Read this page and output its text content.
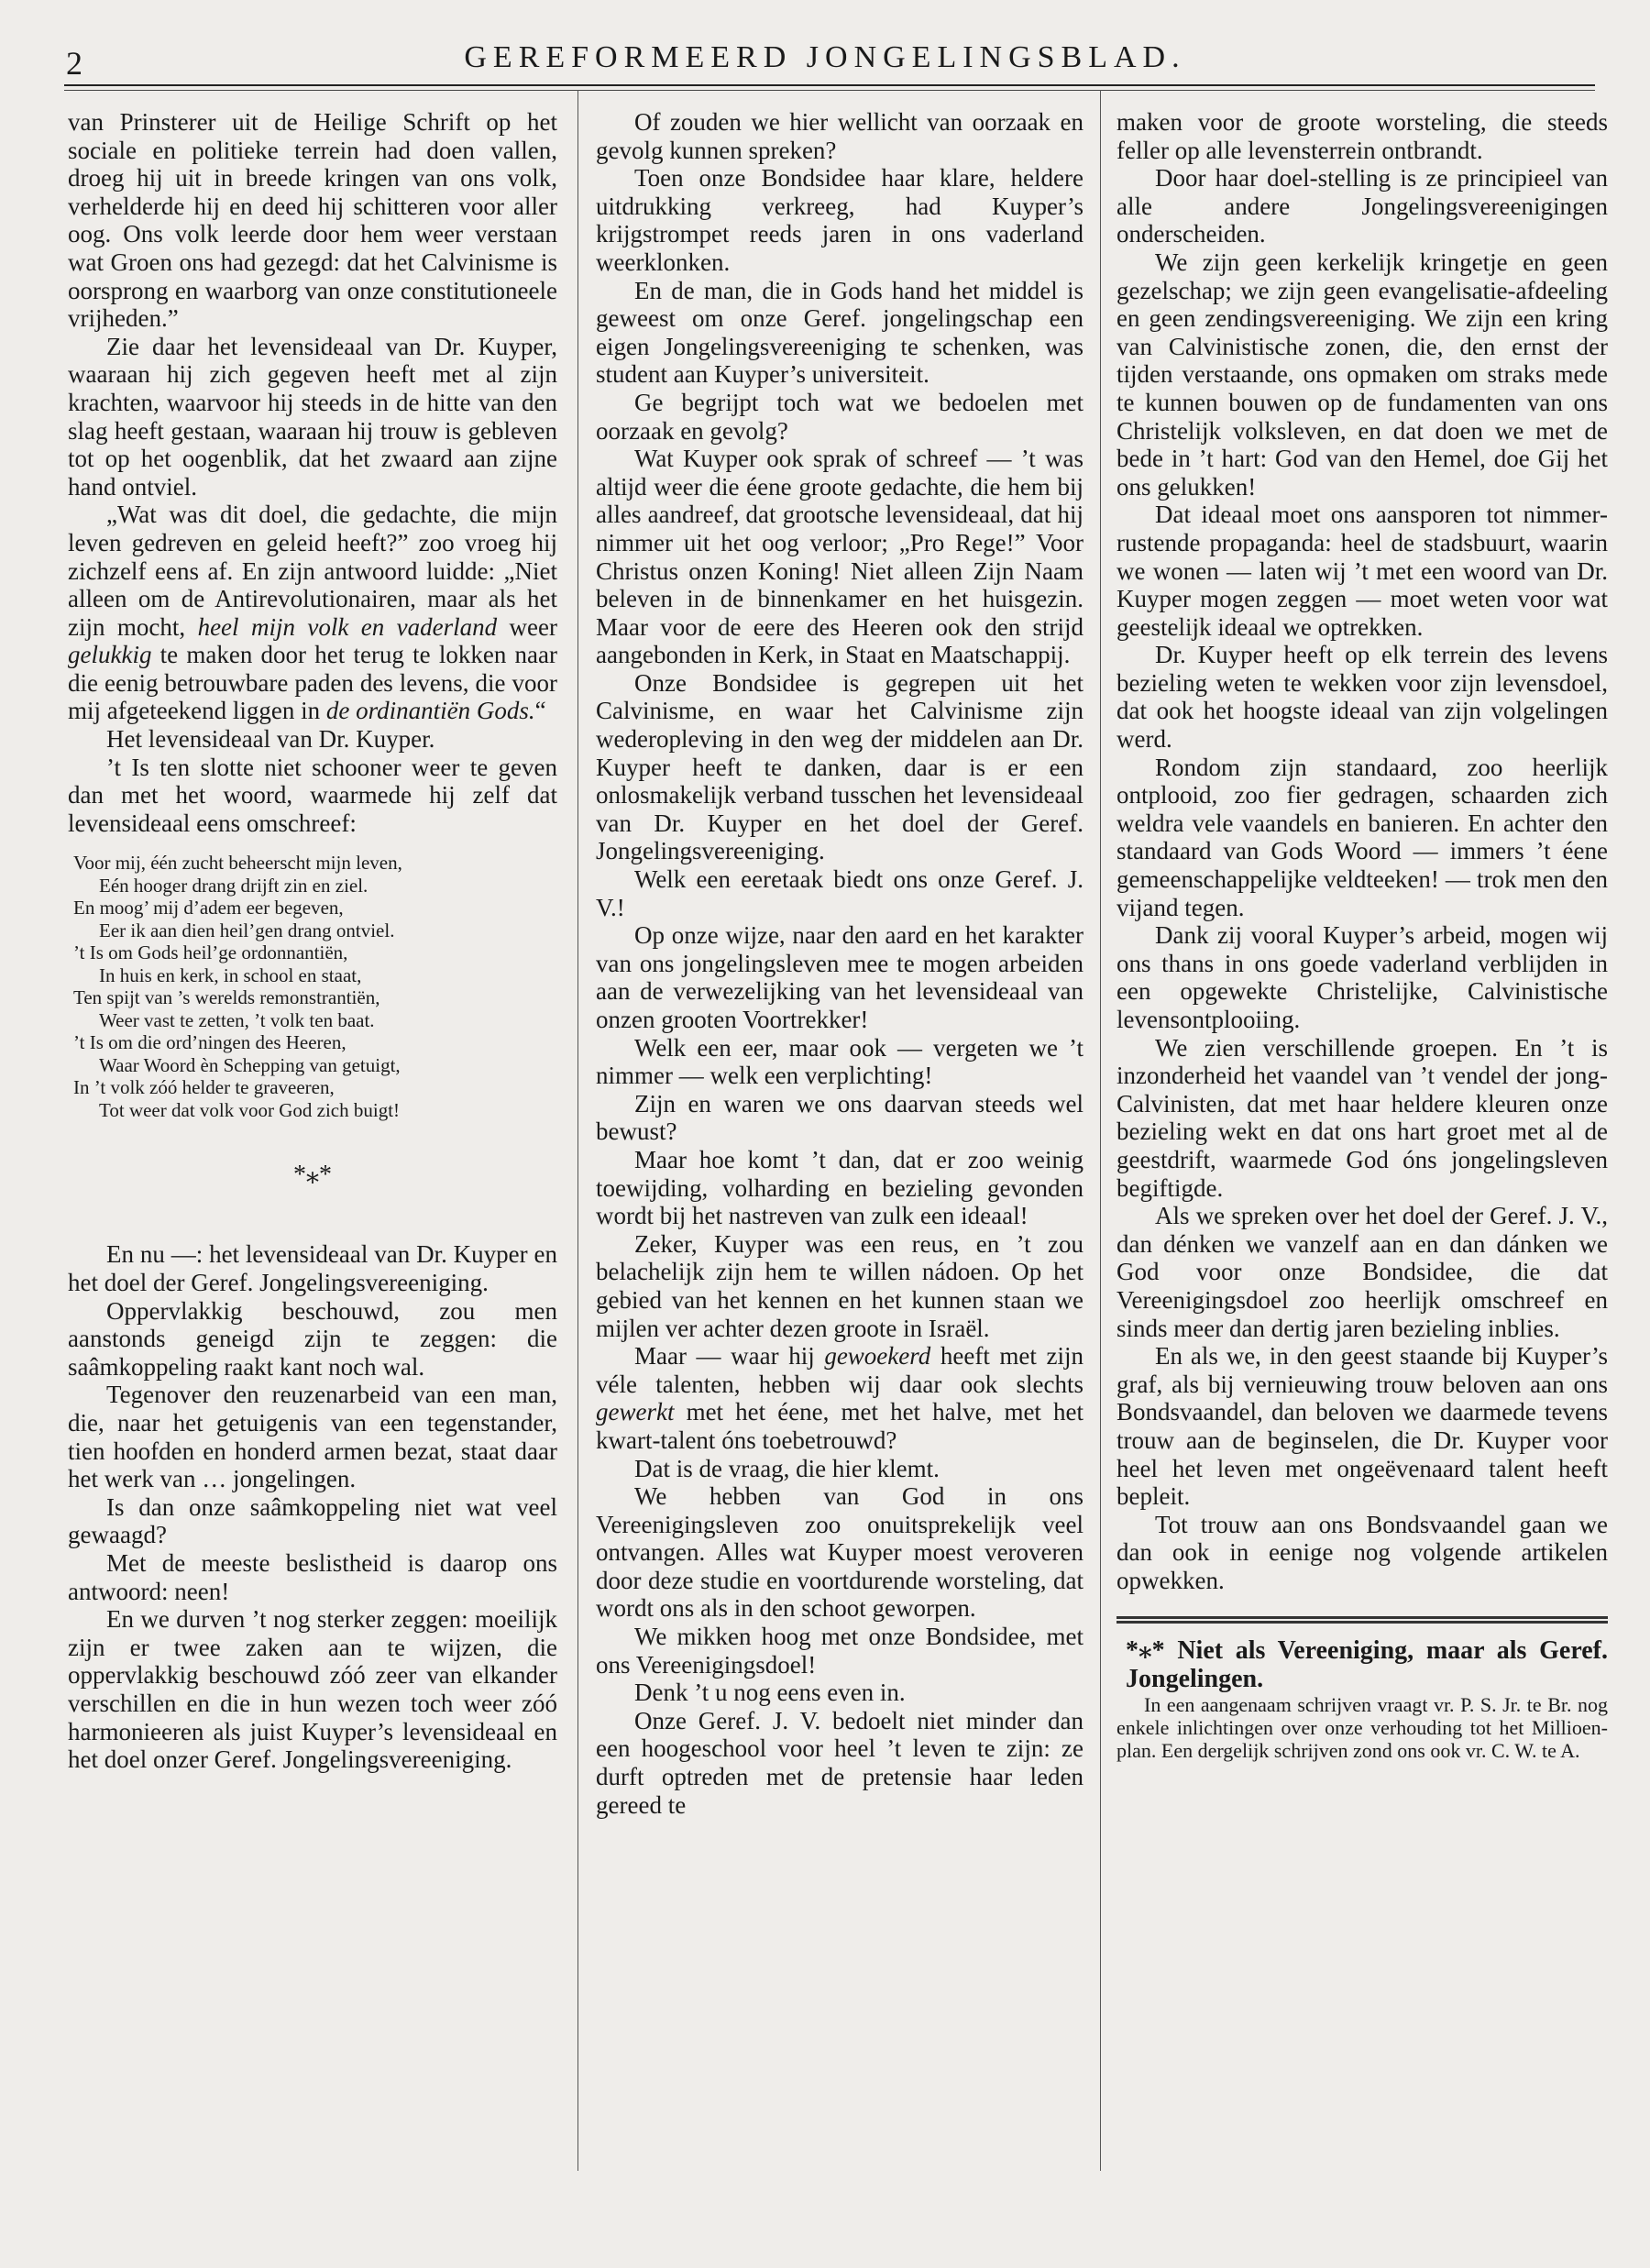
2	GEREFORMEERD JONGELINGSBLAD.

van Prinsterer uit de Heilige Schrift op het sociale en politieke terrein had doen vallen, droeg hij uit in breede kringen van ons volk, verhelderde hij en deed hij schitteren voor aller oog. Ons volk leerde door hem weer verstaan wat Groen ons had gezegd: dat het Calvinisme is oorsprong en waarborg van onze constitutioneele vrijheden.”

Zie daar het levensideaal van Dr. Kuyper, waaraan hij zich gegeven heeft met al zijn krachten, waarvoor hij steeds in de hitte van den slag heeft gestaan, waaraan hij trouw is gebleven tot op het oogenblik, dat het zwaard aan zijne hand ontviel.

„Wat was dit doel, die gedachte, die mijn leven gedreven en geleid heeft?” zoo vroeg hij zichzelf eens af. En zijn antwoord luidde: „Niet alleen om de Antirevolutionairen, maar als het zijn mocht, heel mijn volk en vaderland weer gelukkig te maken door het terug te lokken naar die eenig betrouwbare paden des levens, die voor mij afgeteekend liggen in de ordinantiën Gods.“

Het levensideaal van Dr. Kuyper.

’t Is ten slotte niet schooner weer te geven dan met het woord, waarmede hij zelf dat levensideaal eens omschreef:

Voor mij, één zucht beheerscht mijn leven,
Eén hooger drang drijft zin en ziel.
En moog’ mij d’adem eer begeven,
Eer ik aan dien heil’gen drang ontviel.
’t Is om Gods heil’ge ordonnantiën,
In huis en kerk, in school en staat,
Ten spijt van ’s werelds remonstrantiën,
Weer vast te zetten, ’t volk ten baat.
’t Is om die ord’ningen des Heeren,
Waar Woord èn Schepping van getuigt,
In ’t volk zóó helder te graveeren,
Tot weer dat volk voor God zich buigt!
*⁎*

En nu —: het levensideaal van Dr. Kuyper en het doel der Geref. Jongelingsvereeniging.

Oppervlakkig beschouwd, zou men aanstonds geneigd zijn te zeggen: die saâmkoppeling raakt kant noch wal.

Tegenover den reuzenarbeid van een man, die, naar het getuigenis van een tegenstander, tien hoofden en honderd armen bezat, staat daar het werk van … jongelingen.

Is dan onze saâmkoppeling niet wat veel gewaagd?

Met de meeste beslistheid is daarop ons antwoord: neen!

En we durven ’t nog sterker zeggen: moeilijk zijn er twee zaken aan te wijzen, die oppervlakkig beschouwd zóó zeer van elkander verschillen en die in hun wezen toch weer zóó harmonieeren als juist Kuyper’s levensideaal en het doel onzer Geref. Jongelingsvereeniging.

Of zouden we hier wellicht van oorzaak en gevolg kunnen spreken?

Toen onze Bondsidee haar klare, heldere uitdrukking verkreeg, had Kuyper’s krijgstrompet reeds jaren in ons vaderland weerklonken.

En de man, die in Gods hand het middel is geweest om onze Geref. jongelingschap een eigen Jongelingsvereeniging te schenken, was student aan Kuyper’s universiteit.

Ge begrijpt toch wat we bedoelen met oorzaak en gevolg?

Wat Kuyper ook sprak of schreef — ’t was altijd weer die éene groote gedachte, die hem bij alles aandreef, dat grootsche levensideaal, dat hij nimmer uit het oog verloor; „Pro Rege!” Voor Christus onzen Koning! Niet alleen Zijn Naam beleven in de binnenkamer en het huisgezin. Maar voor de eere des Heeren ook den strijd aangebonden in Kerk, in Staat en Maatschappij.

Onze Bondsidee is gegrepen uit het Calvinisme, en waar het Calvinisme zijn wederopleving in den weg der middelen aan Dr. Kuyper heeft te danken, daar is er een onlosmakelijk verband tusschen het levensideaal van Dr. Kuyper en het doel der Geref. Jongelingsvereeniging.

Welk een eeretaak biedt ons onze Geref. J. V.!

Op onze wijze, naar den aard en het karakter van ons jongelingsleven mee te mogen arbeiden aan de verwezelijking van het levensideaal van onzen grooten Voortrekker!

Welk een eer, maar ook — vergeten we ’t nimmer — welk een verplichting!

Zijn en waren we ons daarvan steeds wel bewust?

Maar hoe komt ’t dan, dat er zoo weinig toewijding, volharding en bezieling gevonden wordt bij het nastreven van zulk een ideaal!

Zeker, Kuyper was een reus, en ’t zou belachelijk zijn hem te willen nádoen. Op het gebied van het kennen en het kunnen staan we mijlen ver achter dezen groote in Israël.

Maar — waar hij gewoekerd heeft met zijn véle talenten, hebben wij daar ook slechts gewerkt met het éene, met het halve, met het kwart-talent óns toebetrouwd?

Dat is de vraag, die hier klemt.

We hebben van God in ons Vereenigingsleven zoo onuitsprekelijk veel ontvangen. Alles wat Kuyper moest veroveren door deze studie en voortdurende worsteling, dat wordt ons als in den schoot geworpen.

We mikken hoog met onze Bondsidee, met ons Vereenigingsdoel!

Denk ’t u nog eens even in.

Onze Geref. J. V. bedoelt niet minder dan een hoogeschool voor heel ’t leven te zijn: ze durft optreden met de pretensie haar leden gereed te

maken voor de groote worsteling, die steeds feller op alle levensterrein ontbrandt.

Door haar doel-stelling is ze principieel van alle andere Jongelingsvereenigingen onderscheiden.

We zijn geen kerkelijk kringetje en geen gezelschap; we zijn geen evangelisatie-afdeeling en geen zendingsvereeniging. We zijn een kring van Calvinistische zonen, die, den ernst der tijden verstaande, ons opmaken om straks mede te kunnen bouwen op de fundamenten van ons Christelijk volksleven, en dat doen we met de bede in ’t hart: God van den Hemel, doe Gij het ons gelukken!

Dat ideaal moet ons aansporen tot nimmer-rustende propaganda: heel de stadsbuurt, waarin we wonen — laten wij ’t met een woord van Dr. Kuyper mogen zeggen — moet weten voor wat geestelijk ideaal we optrekken.

Dr. Kuyper heeft op elk terrein des levens bezieling weten te wekken voor zijn levensdoel, dat ook het hoogste ideaal van zijn volgelingen werd.

Rondom zijn standaard, zoo heerlijk ontplooid, zoo fier gedragen, schaarden zich weldra vele vaandels en banieren. En achter den standaard van Gods Woord — immers ’t éene gemeenschappelijke veldteeken! — trok men den vijand tegen.

Dank zij vooral Kuyper’s arbeid, mogen wij ons thans in ons goede vaderland verblijden in een opgewekte Christelijke, Calvinistische levensontplooiing.

We zien verschillende groepen. En ’t is inzonderheid het vaandel van ’t vendel der jong-Calvinisten, dat met haar heldere kleuren onze bezieling wekt en dat ons hart groet met al de geestdrift, waarmede God óns jongelingsleven begiftigde.

Als we spreken over het doel der Geref. J. V., dan dénken we vanzelf aan en dan dánken we God voor onze Bondsidee, die dat Vereenigingsdoel zoo heerlijk omschreef en sinds meer dan dertig jaren bezieling inblies.

En als we, in den geest staande bij Kuyper’s graf, als bij vernieuwing trouw beloven aan ons Bondsvaandel, dan beloven we daarmede tevens trouw aan de beginselen, die Dr. Kuyper voor heel het leven met ongeëvenaard talent heeft bepleit.

Tot trouw aan ons Bondsvaandel gaan we dan ook in eenige nog volgende artikelen opwekken.

*⁎* Niet als Vereeniging, maar als Geref. Jongelingen.

In een aangenaam schrijven vraagt vr. P. S. Jr. te Br. nog enkele inlichtingen over onze verhouding tot het Millioen-plan. Een dergelijk schrijven zond ons ook vr. C. W. te A.
